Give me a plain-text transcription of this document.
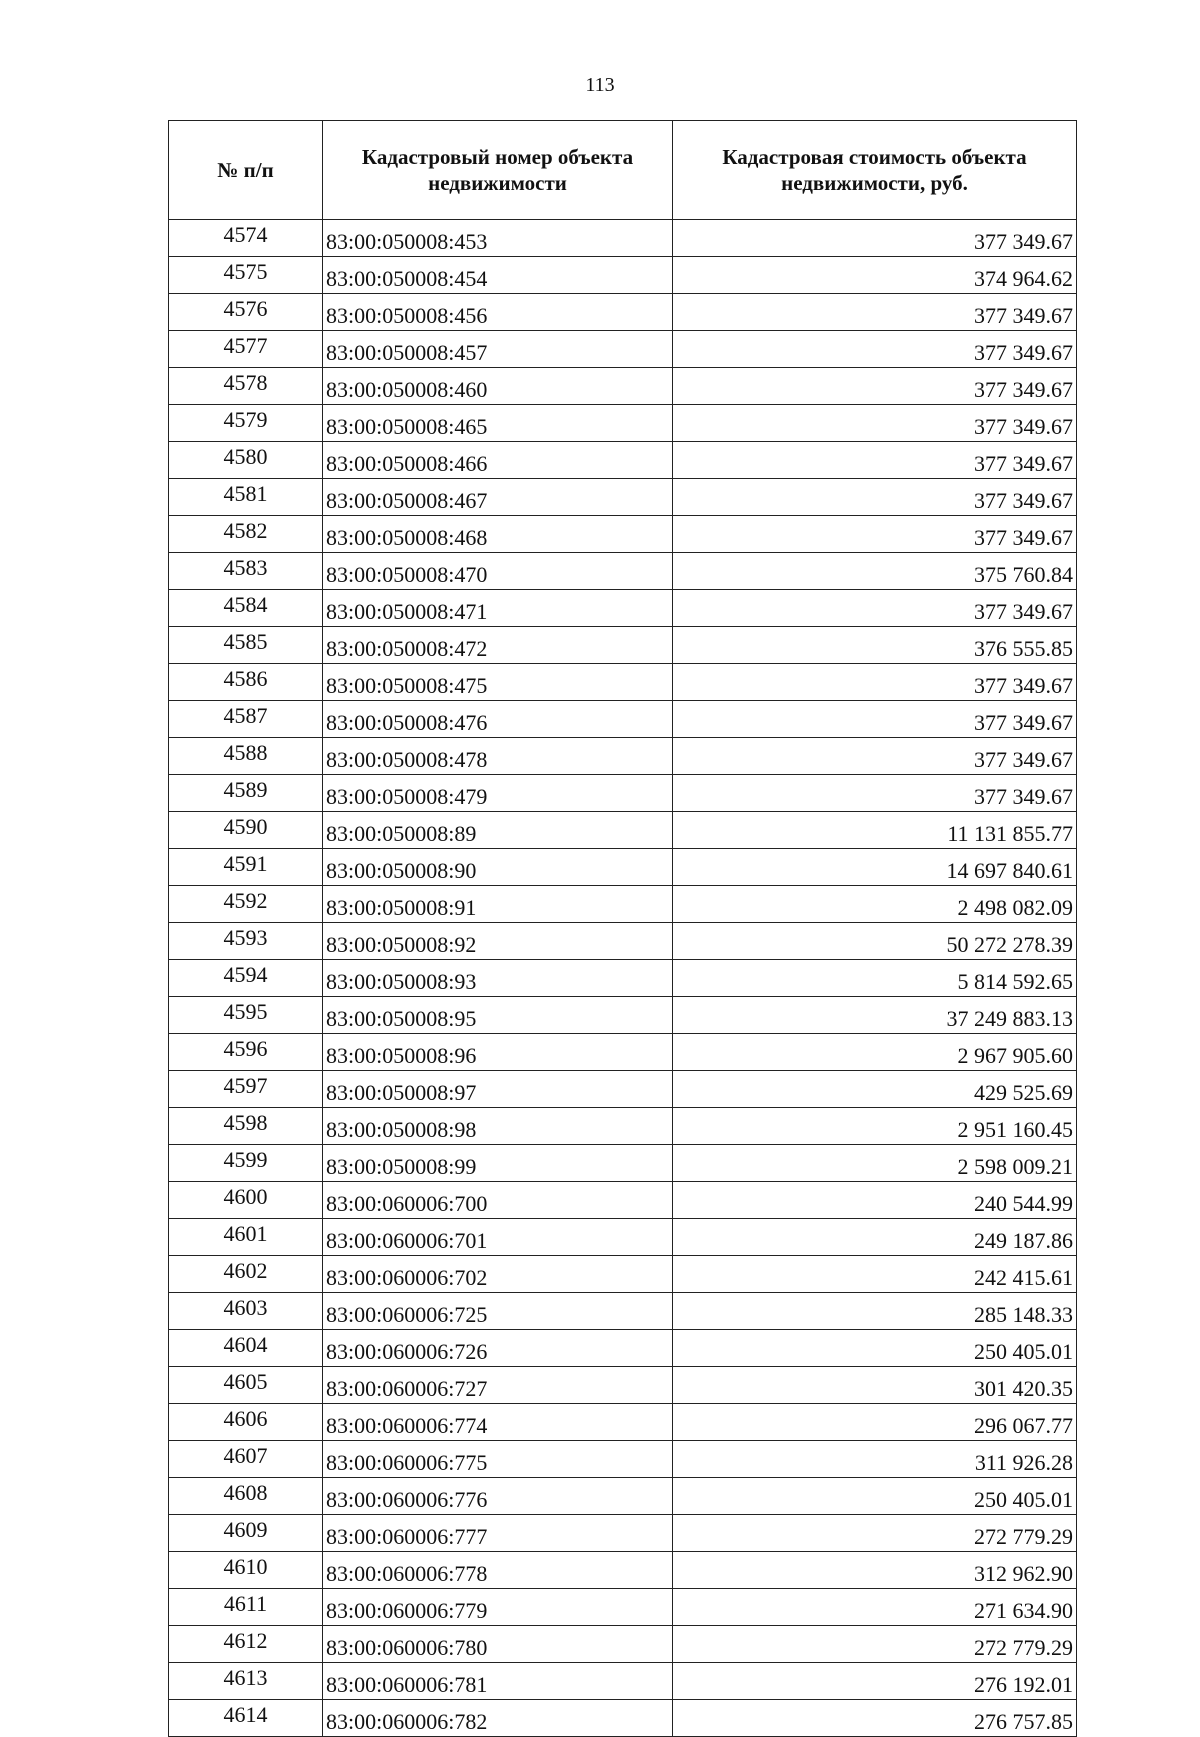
113
№ п/п	Кадастровый номер объекта недвижимости	Кадастровая стоимость объекта недвижимости, руб.
4574	83:00:050008:453	377 349.67
4575	83:00:050008:454	374 964.62
4576	83:00:050008:456	377 349.67
4577	83:00:050008:457	377 349.67
4578	83:00:050008:460	377 349.67
4579	83:00:050008:465	377 349.67
4580	83:00:050008:466	377 349.67
4581	83:00:050008:467	377 349.67
4582	83:00:050008:468	377 349.67
4583	83:00:050008:470	375 760.84
4584	83:00:050008:471	377 349.67
4585	83:00:050008:472	376 555.85
4586	83:00:050008:475	377 349.67
4587	83:00:050008:476	377 349.67
4588	83:00:050008:478	377 349.67
4589	83:00:050008:479	377 349.67
4590	83:00:050008:89	11 131 855.77
4591	83:00:050008:90	14 697 840.61
4592	83:00:050008:91	2 498 082.09
4593	83:00:050008:92	50 272 278.39
4594	83:00:050008:93	5 814 592.65
4595	83:00:050008:95	37 249 883.13
4596	83:00:050008:96	2 967 905.60
4597	83:00:050008:97	429 525.69
4598	83:00:050008:98	2 951 160.45
4599	83:00:050008:99	2 598 009.21
4600	83:00:060006:700	240 544.99
4601	83:00:060006:701	249 187.86
4602	83:00:060006:702	242 415.61
4603	83:00:060006:725	285 148.33
4604	83:00:060006:726	250 405.01
4605	83:00:060006:727	301 420.35
4606	83:00:060006:774	296 067.77
4607	83:00:060006:775	311 926.28
4608	83:00:060006:776	250 405.01
4609	83:00:060006:777	272 779.29
4610	83:00:060006:778	312 962.90
4611	83:00:060006:779	271 634.90
4612	83:00:060006:780	272 779.29
4613	83:00:060006:781	276 192.01
4614	83:00:060006:782	276 757.85
